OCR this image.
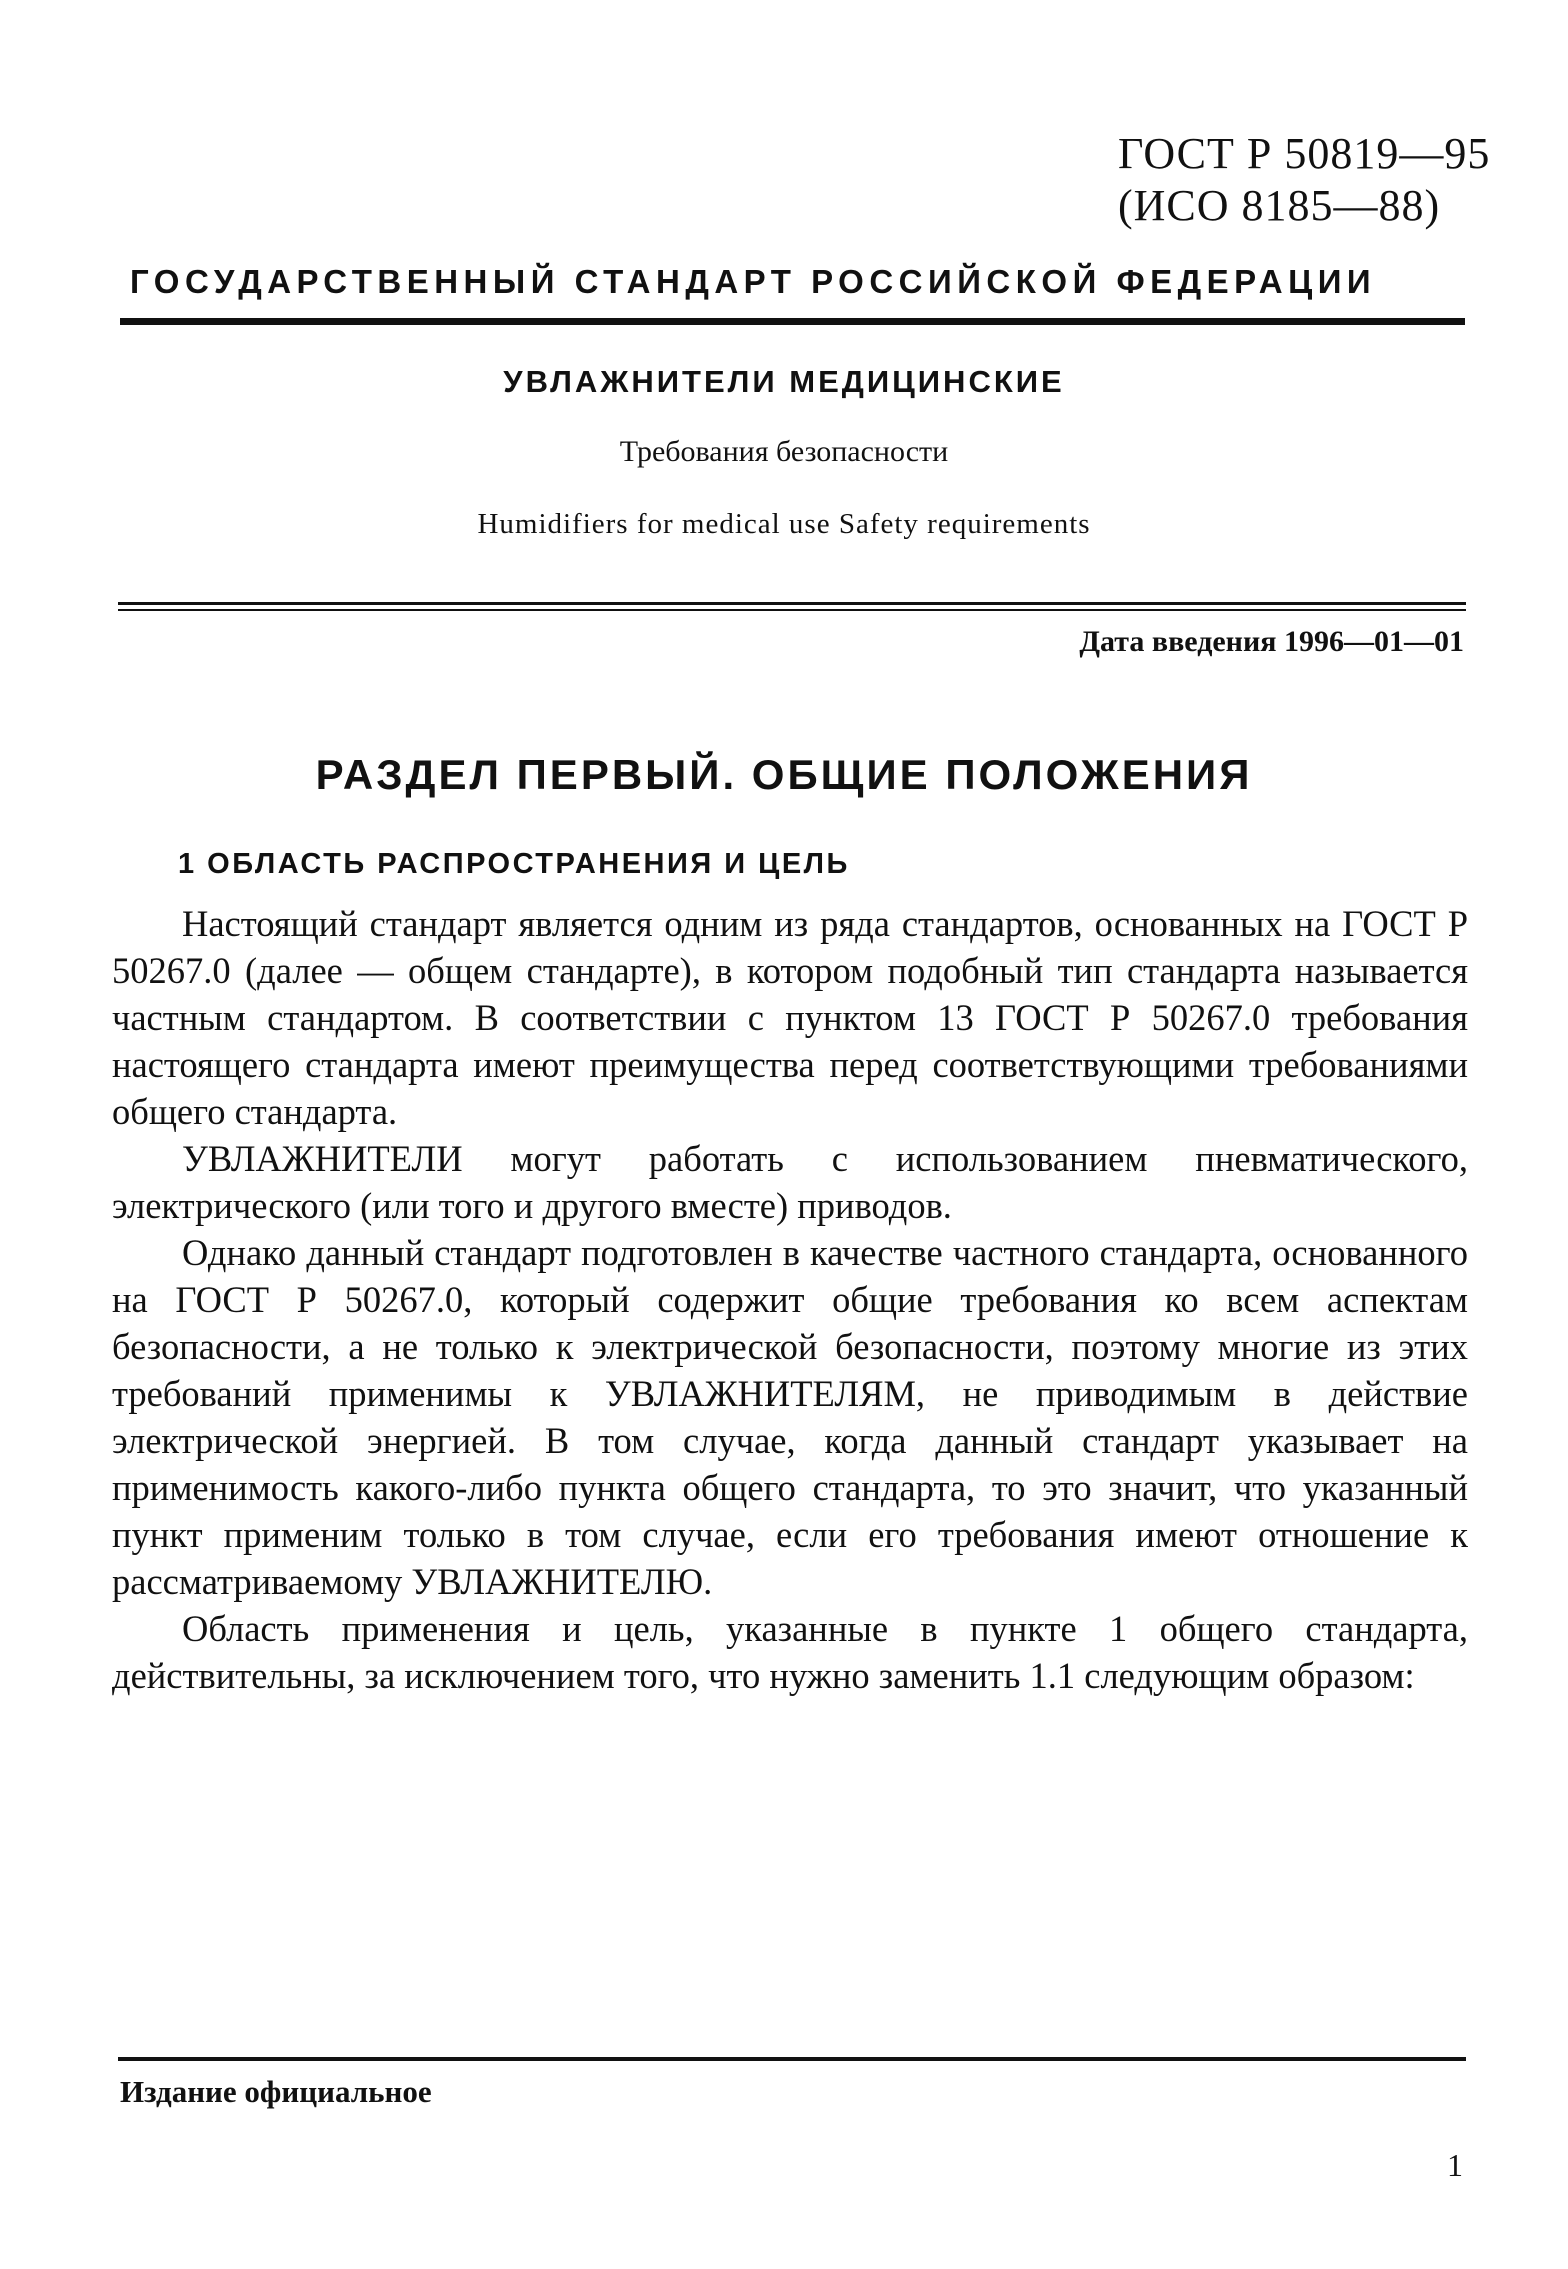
ГОСТ Р 50819—95
(ИСО 8185—88)
ГОСУДАРСТВЕННЫЙ СТАНДАРТ РОССИЙСКОЙ ФЕДЕРАЦИИ
УВЛАЖНИТЕЛИ МЕДИЦИНСКИЕ
Требования безопасности
Humidifiers for medical use Safety requirements
Дата введения 1996—01—01
РАЗДЕЛ ПЕРВЫЙ. ОБЩИЕ ПОЛОЖЕНИЯ
1 ОБЛАСТЬ РАСПРОСТРАНЕНИЯ И ЦЕЛЬ

Настоящий стандарт является одним из ряда стандартов, основанных на ГОСТ Р 50267.0 (далее — общем стандарте), в котором подобный тип стандарта называется частным стандартом. В соответствии с пунктом 13 ГОСТ Р 50267.0 требования настоящего стандарта имеют преимущества перед соответствующими требованиями общего стандарта.

УВЛАЖНИТЕЛИ могут работать с использованием пневматического, электрического (или того и другого вместе) приводов.

Однако данный стандарт подготовлен в качестве частного стандарта, основанного на ГОСТ Р 50267.0, который содержит общие требования ко всем аспектам безопасности, а не только к электрической безопасности, поэтому многие из этих требований применимы к УВЛАЖНИТЕЛЯМ, не приводимым в действие электрической энергией. В том случае, когда данный стандарт указывает на применимость какого-либо пункта общего стандарта, то это значит, что указанный пункт применим только в том случае, если его требования имеют отношение к рассматриваемому УВЛАЖНИТЕЛЮ.

Область применения и цель, указанные в пункте 1 общего стандарта, действительны, за исключением того, что нужно заменить 1.1 следующим образом:

Издание официальное
1
